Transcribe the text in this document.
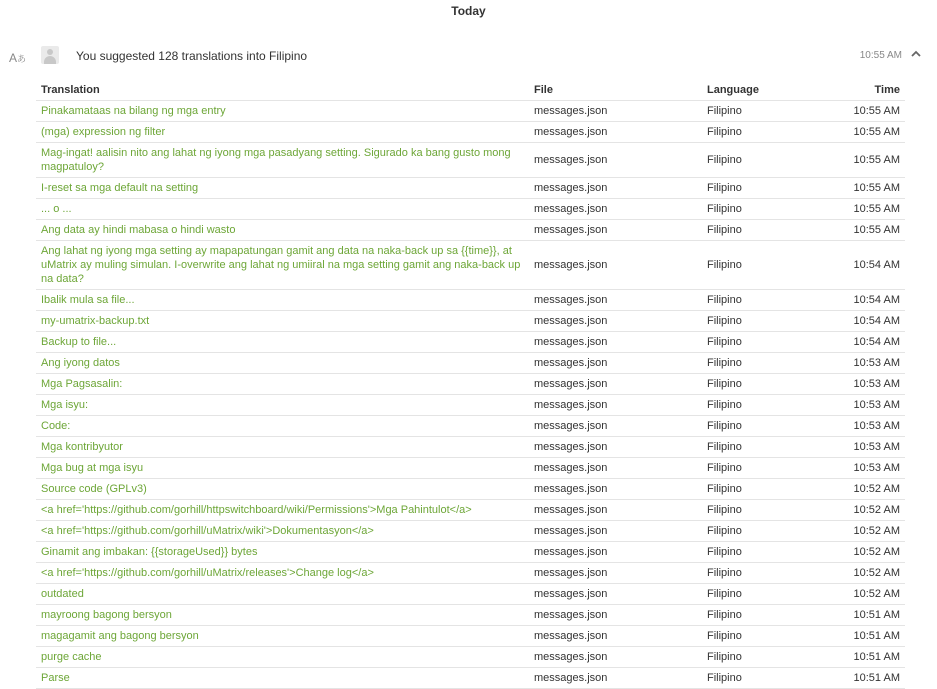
Today
A あ	You suggested 128 translations into Filipino	10:55 AM
Translation	File	Language	Time
Pinakamataas na bilang ng mga entry	messages.json	Filipino	10:55 AM
(mga) expression ng filter	messages.json	Filipino	10:55 AM
Mag-ingat! aalisin nito ang lahat ng iyong mga pasadyang setting. Sigurado ka bang gusto mong magpatuloy?	messages.json	Filipino	10:55 AM
I-reset sa mga default na setting	messages.json	Filipino	10:55 AM
... o ...	messages.json	Filipino	10:55 AM
Ang data ay hindi mabasa o hindi wasto	messages.json	Filipino	10:55 AM
Ang lahat ng iyong mga setting ay mapapatungan gamit ang data na naka-back up sa {{time}}, at uMatrix ay muling simulan. I-overwrite ang lahat ng umiiral na mga setting gamit ang naka-back up na data?	messages.json	Filipino	10:54 AM
Ibalik mula sa file...	messages.json	Filipino	10:54 AM
my-umatrix-backup.txt	messages.json	Filipino	10:54 AM
Backup to file...	messages.json	Filipino	10:54 AM
Ang iyong datos	messages.json	Filipino	10:53 AM
Mga Pagsasalin:	messages.json	Filipino	10:53 AM
Mga isyu:	messages.json	Filipino	10:53 AM
Code:	messages.json	Filipino	10:53 AM
Mga kontribyutor	messages.json	Filipino	10:53 AM
Mga bug at mga isyu	messages.json	Filipino	10:53 AM
Source code (GPLv3)	messages.json	Filipino	10:52 AM
<a href='https://github.com/gorhill/httpswitchboard/wiki/Permissions'>Mga Pahintulot</a>	messages.json	Filipino	10:52 AM
<a href='https://github.com/gorhill/uMatrix/wiki'>Dokumentasyon</a>	messages.json	Filipino	10:52 AM
Ginamit ang imbakan: {{storageUsed}} bytes	messages.json	Filipino	10:52 AM
<a href='https://github.com/gorhill/uMatrix/releases'>Change log</a>	messages.json	Filipino	10:52 AM
outdated	messages.json	Filipino	10:52 AM
mayroong bagong bersyon	messages.json	Filipino	10:51 AM
magagamit ang bagong bersyon	messages.json	Filipino	10:51 AM
purge cache	messages.json	Filipino	10:51 AM
Parse	messages.json	Filipino	10:51 AM
